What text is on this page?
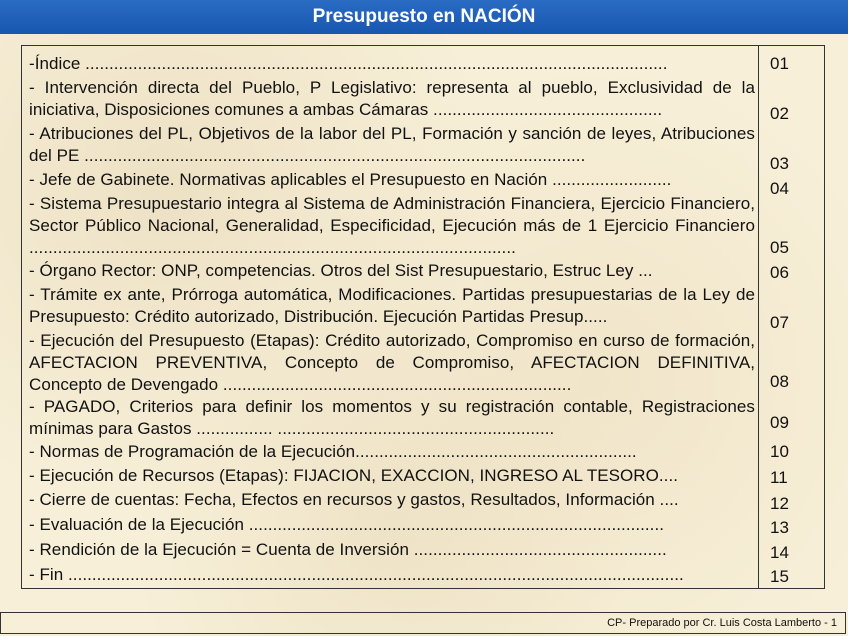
Presupuesto en NACIÓN
-Índice ..........................................................................................................................	01
- Intervención directa del Pueblo, P Legislativo: representa al pueblo, Exclusividad de la iniciativa, Disposiciones comunes a ambas Cámaras ................................................	02
- Atribuciones del PL, Objetivos de la labor del PL, Formación y sanción de leyes, Atribuciones del PE .........................................................................................................	03
- Jefe de Gabinete. Normativas aplicables el Presupuesto en Nación .........................	04
- Sistema Presupuestario integra al Sistema de Administración Financiera, Ejercicio Financiero, Sector Público Nacional, Generalidad, Especificidad, Ejecución más de 1 Ejercicio Financiero ......................................................................................................	05
- Órgano Rector: ONP, competencias. Otros del Sist Presupuestario, Estruc Ley ...	06
- Trámite ex ante, Prórroga automática, Modificaciones. Partidas presupuestarias de la Ley de Presupuesto: Crédito autorizado, Distribución. Ejecución Partidas Presup.....	07
- Ejecución del Presupuesto (Etapas): Crédito autorizado, Compromiso en curso de formación, AFECTACION PREVENTIVA, Concepto de Compromiso, AFECTACION DEFINITIVA, Concepto de Devengado .........................................................................	08
- PAGADO, Criterios para definir los momentos y su registración contable, Registraciones mínimas para Gastos ................ ..........................................................	09
- Normas de Programación de la Ejecución...........................................................	10
- Ejecución de Recursos (Etapas): FIJACION, EXACCION, INGRESO AL TESORO....	11
- Cierre de cuentas: Fecha, Efectos en recursos y gastos, Resultados, Información ....	12
- Evaluación de la Ejecución .......................................................................................	13
- Rendición de la Ejecución = Cuenta de Inversión .....................................................	14
- Fin .................................................................................................................................	15
CP- Preparado por Cr. Luis Costa Lamberto - 1
